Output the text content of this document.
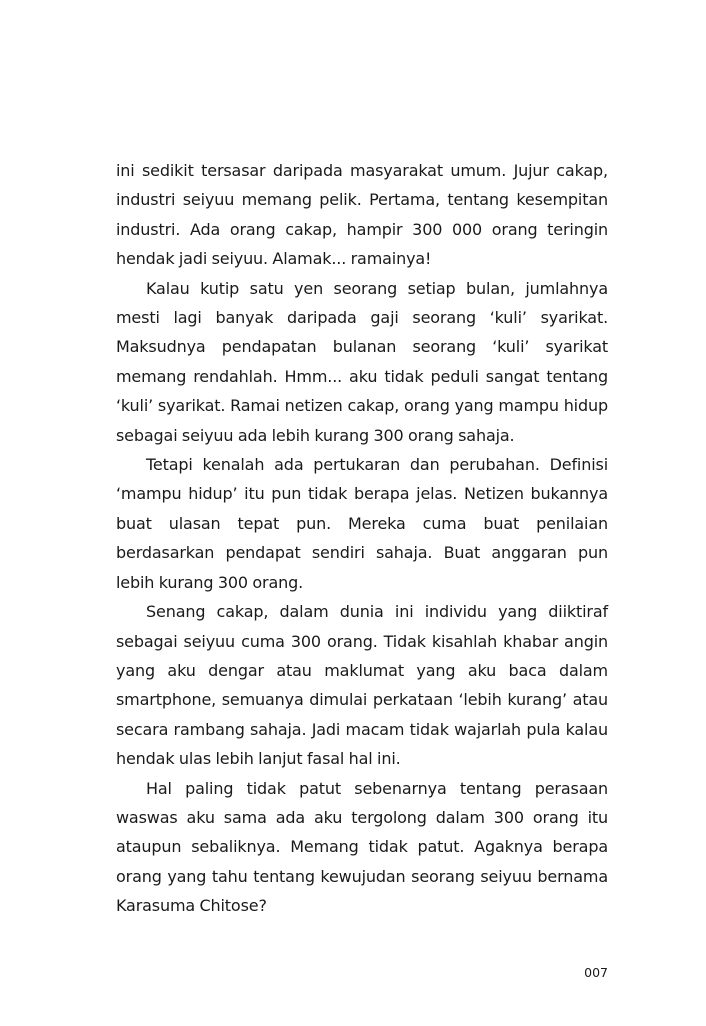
ini sedikit tersasar daripada masyarakat umum. Jujur cakap, industri seiyuu memang pelik. Pertama, tentang kesempitan industri. Ada orang cakap, hampir 300 000 orang teringin hendak jadi seiyuu. Alamak... ramainya!

Kalau kutip satu yen seorang setiap bulan, jumlahnya mesti lagi banyak daripada gaji seorang ‘kuli’ syarikat. Maksudnya pendapatan bulanan seorang ‘kuli’ syarikat memang rendahlah. Hmm... aku tidak peduli sangat tentang ‘kuli’ syarikat. Ramai netizen cakap, orang yang mampu hidup sebagai seiyuu ada lebih kurang 300 orang sahaja.

Tetapi kenalah ada pertukaran dan perubahan. Definisi ‘mampu hidup’ itu pun tidak berapa jelas. Netizen bukannya buat ulasan tepat pun. Mereka cuma buat penilaian berdasarkan pendapat sendiri sahaja. Buat anggaran pun lebih kurang 300 orang.

Senang cakap, dalam dunia ini individu yang diiktiraf sebagai seiyuu cuma 300 orang. Tidak kisahlah khabar angin yang aku dengar atau maklumat yang aku baca dalam smartphone, semuanya dimulai perkataan ‘lebih kurang’ atau secara rambang sahaja. Jadi macam tidak wajarlah pula kalau hendak ulas lebih lanjut fasal hal ini.

Hal paling tidak patut sebenarnya tentang perasaan waswas aku sama ada aku tergolong dalam 300 orang itu ataupun sebaliknya. Memang tidak patut. Agaknya berapa orang yang tahu tentang kewujudan seorang seiyuu bernama Karasuma Chitose?

007
